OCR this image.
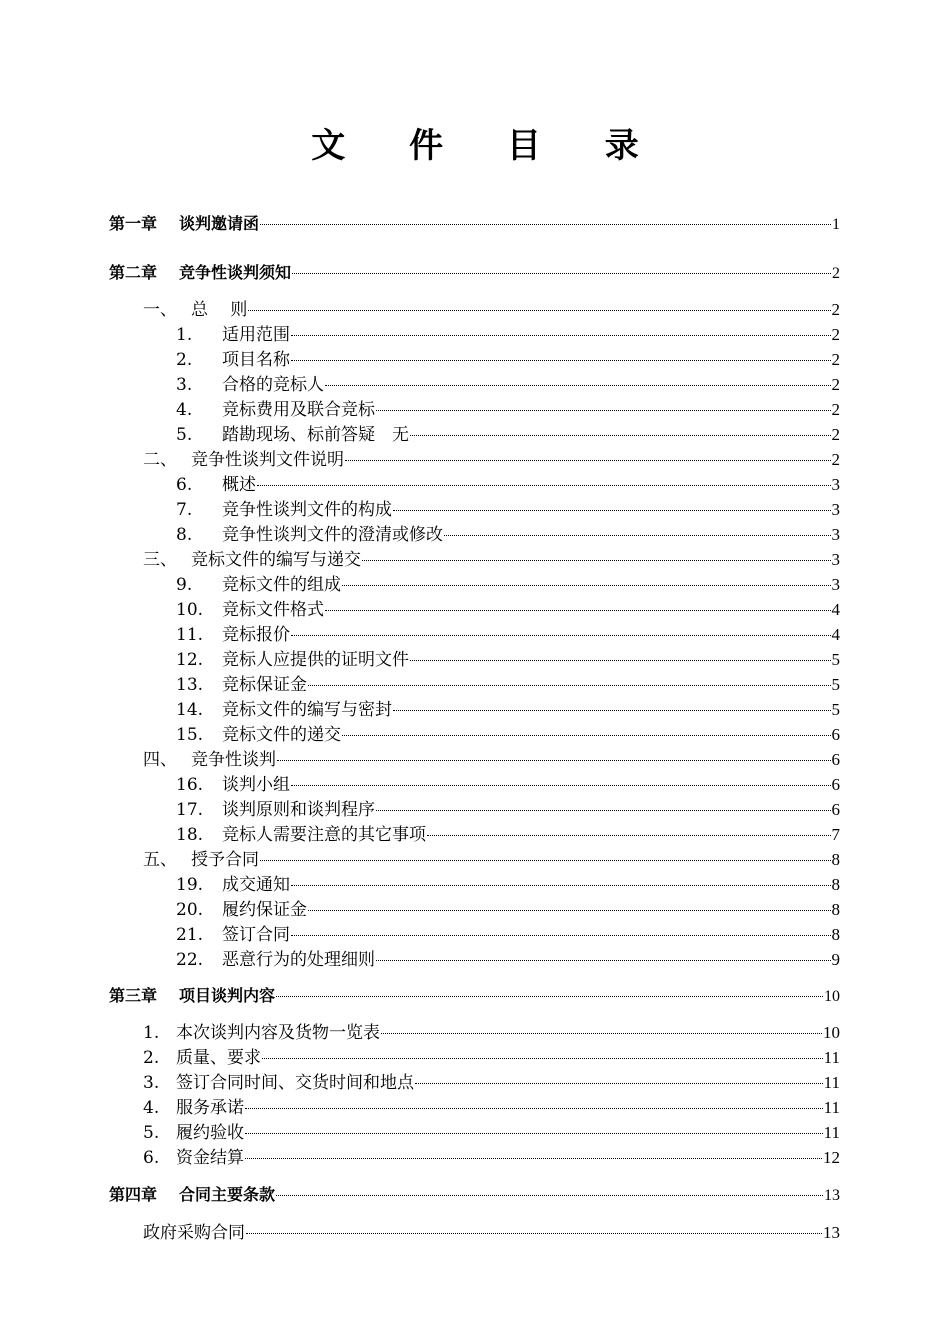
文 件 目 录
第一章	谈判邀请函	1
第二章	竞争性谈判须知	2
一、 总　 则	2
1.	适用范围	2
2.	项目名称	2
3.	合格的竞标人	2
4.	竞标费用及联合竞标	2
5.	踏勘现场、标前答疑　无	2
二、 竞争性谈判文件说明	2
6.	概述	3
7.	竞争性谈判文件的构成	3
8.	竞争性谈判文件的澄清或修改	3
三、 竞标文件的编写与递交	3
9.	竞标文件的组成	3
10.	竞标文件格式	4
11.	竞标报价	4
12.	竞标人应提供的证明文件	5
13.	竞标保证金	5
14.	竞标文件的编写与密封	5
15.	竞标文件的递交	6
四、 竞争性谈判	6
16.	谈判小组	6
17.	谈判原则和谈判程序	6
18.	竞标人需要注意的其它事项	7
五、 授予合同	8
19.	成交通知	8
20.	履约保证金	8
21.	签订合同	8
22.	恶意行为的处理细则	9
第三章	项目谈判内容	10
1. 本次谈判内容及货物一览表	10
2. 质量、要求	11
3. 签订合同时间、交货时间和地点	11
4. 服务承诺	11
5. 履约验收	11
6. 资金结算	12
第四章	合同主要条款	13
政府采购合同	13
